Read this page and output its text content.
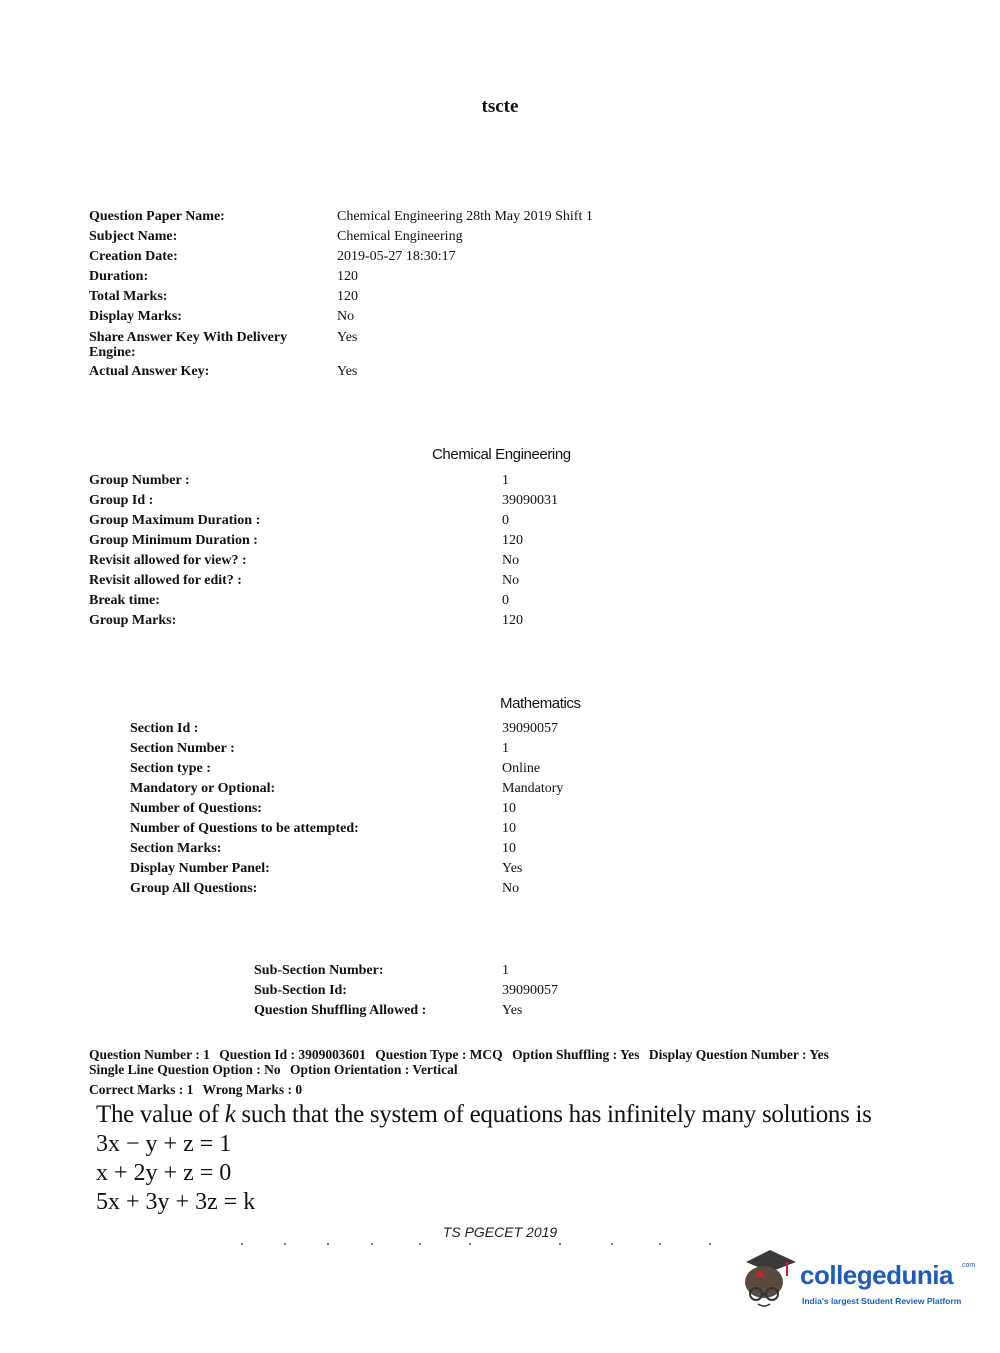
tscte
Question Paper Name:	Chemical Engineering 28th May 2019 Shift 1
Subject Name:	Chemical Engineering
Creation Date:	2019-05-27 18:30:17
Duration:	120
Total Marks:	120
Display Marks:	No
Share Answer Key With Delivery Engine:
Yes
Actual Answer Key:	Yes
Chemical Engineering
Group Number :	1
Group Id :	39090031
Group Maximum Duration :	0
Group Minimum Duration :	120
Revisit allowed for view? :	No
Revisit allowed for edit? :	No
Break time:	0
Group Marks:	120
Mathematics
Section Id :	39090057
Section Number :	1
Section type :	Online
Mandatory or Optional:	Mandatory
Number of Questions:	10
Number of Questions to be attempted:	10
Section Marks:	10
Display Number Panel:	Yes
Group All Questions:	No
Sub-Section Number:	1
Sub-Section Id:	39090057
Question Shuffling Allowed :	Yes
Question Number : 1 Question Id : 3909003601 Question Type : MCQ Option Shuffling : Yes Display Question Number : Yes
Single Line Question Option : No Option Orientation : Vertical
Correct Marks : 1 Wrong Marks : 0
The value of k such that the system of equations has infinitely many solutions is
3x − y + z = 1
x + 2y + z = 0
5x + 3y + 3z = k
TS PGECET 2019
collegedunia .com
India's largest Student Review Platform
